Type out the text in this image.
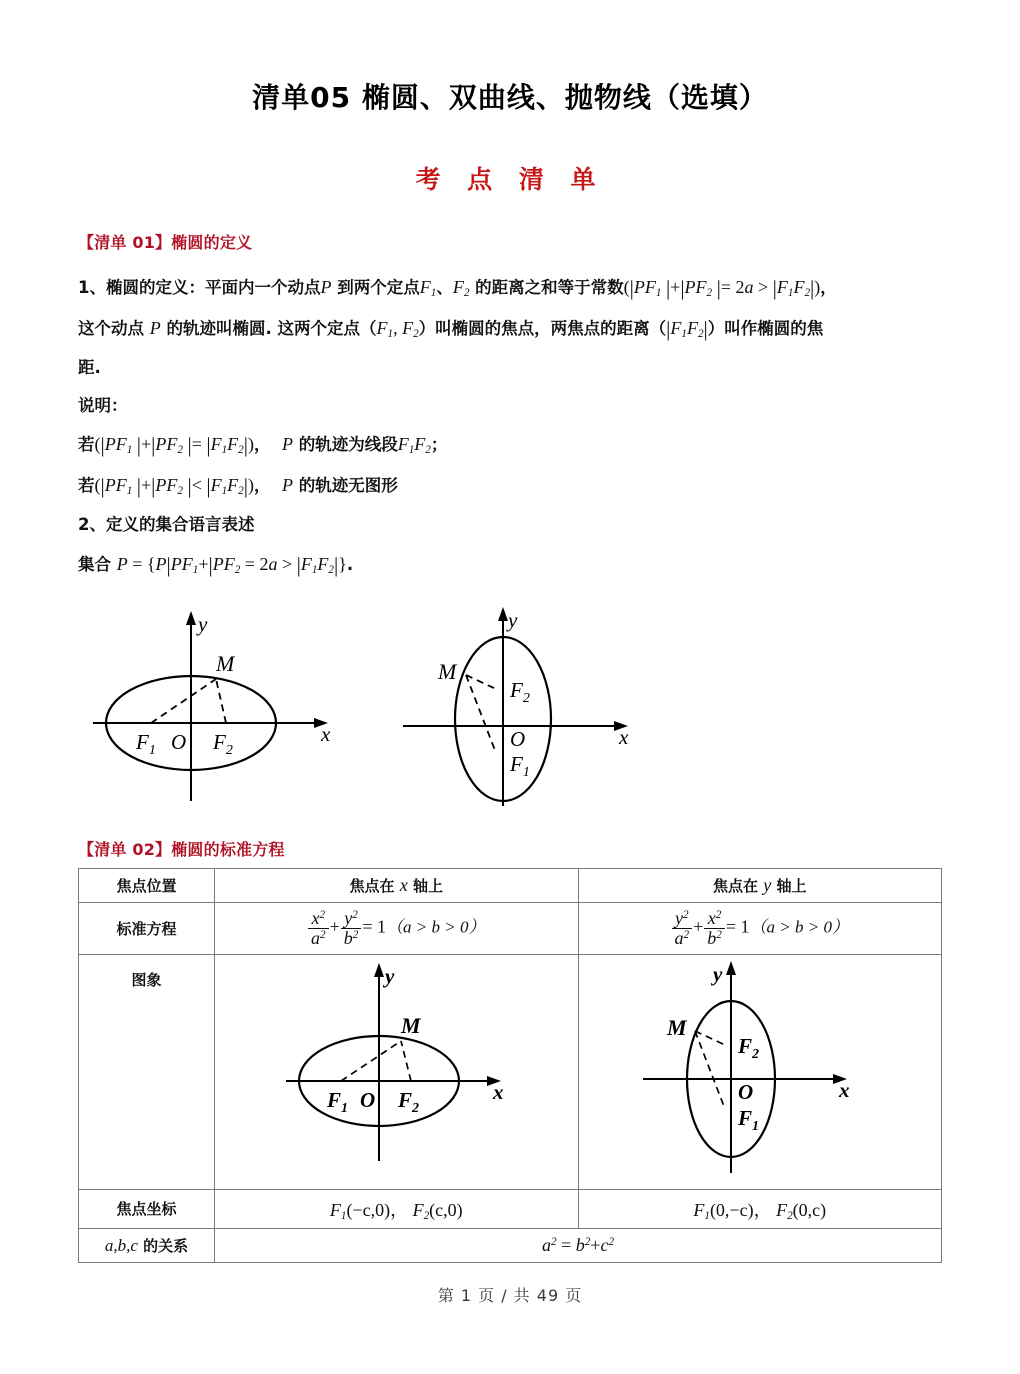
清单05 椭圆、双曲线、抛物线（选填）
考 点 清 单
【清单 01】椭圆的定义
1、椭圆的定义：平面内一个动点P 到两个定点$F_1$、$F_2$ 的距离之和等于常数($|PF_1$ $|+|PF_2$ |= $2a > |F_1F_2|$)，
这个动点 P 的轨迹叫椭圆. 这两个定点（$F_1$, $F_2$）叫椭圆的焦点，两焦点的距离$(|F_1F_2|)$叫作椭圆的焦
距.
说明：
若($|PF_1$ $|+|PF_2$ |= $|F_1F_2|$)， P 的轨迹为线段$F_1F_2$；
若($|PF_1$ $|+|PF_2$ |< $|F_1F_2|$)， P 的轨迹无图形
2、定义的集合语言表述
集合 $P = \{P|PF_1+|PF_2 = 2a > |F_1F_2|\}$.
x
y
M
$F_1$ O $F_2$
x
y
M
$F_2$
O
$F_1$
【清单 02】椭圆的标准方程
焦点位置	焦点在 x 轴上	焦点在 y 轴上
标准方程	$\frac{x^2}{a^2} + \frac{y^2}{b^2} = 1(a > b > 0)$	$\frac{y^2}{a^2} + \frac{x^2}{b^2} = 1(a > b > 0)$
图象	
x
y
M
$F_1$ O $F_2$

x
y
M
$F_2$
O
$F_1$

焦点坐标	$F_1(-c,0)$， $F_2(c,0)$	$F_1(0,-c)$， $F_2(0,c)$
a,b,c 的关系	$a^2 = b^2+c^2$
第 1 页 / 共 49 页
